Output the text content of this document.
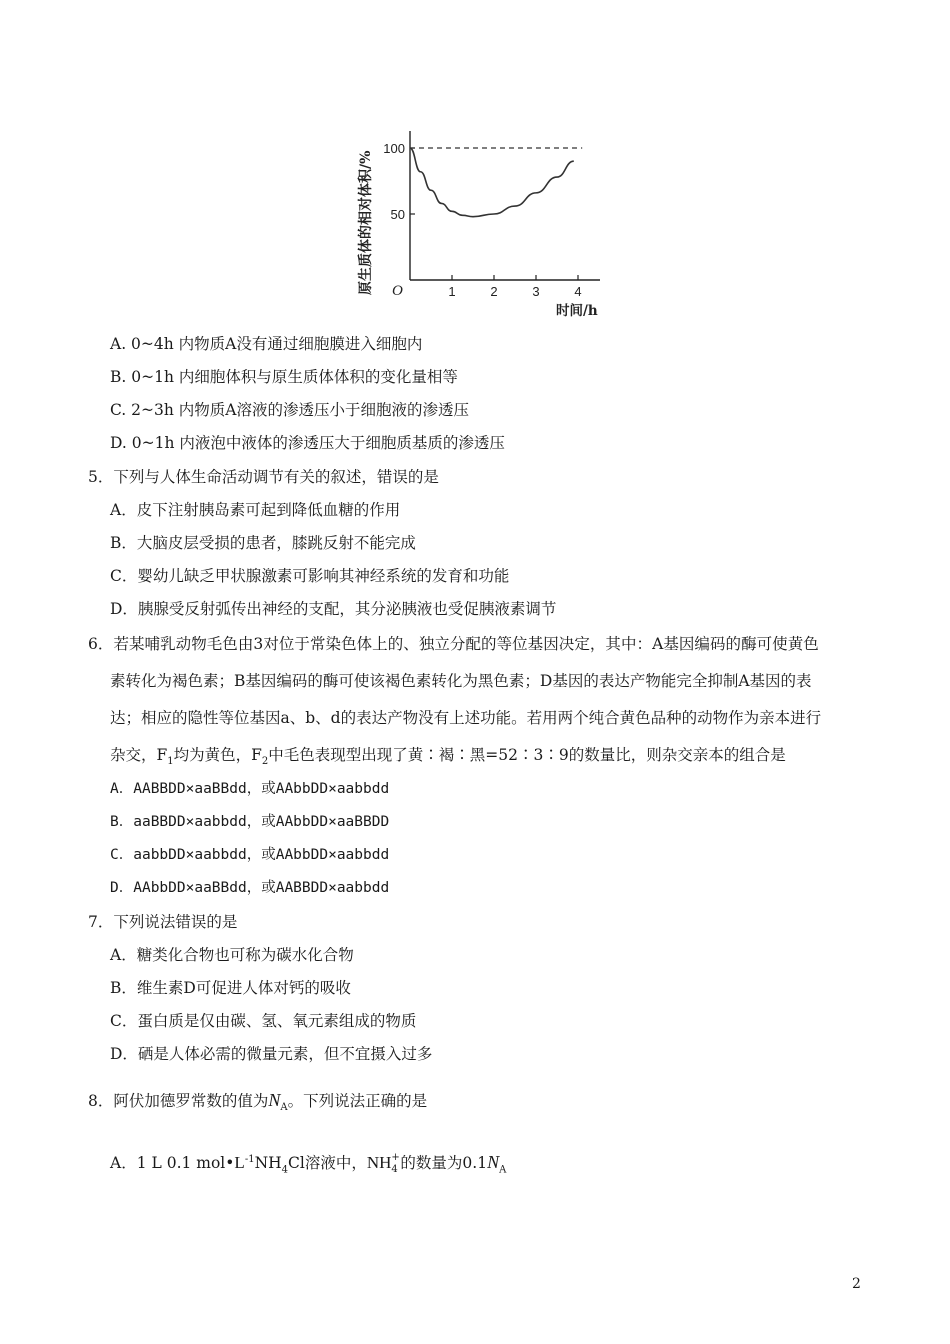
1	2	3	4
100
50
原生质体的相对体积/% O
时间/h
A. 0~4h 内物质A没有通过细胞膜进入细胞内
B. 0~1h 内细胞体积与原生质体体积的变化量相等
C. 2~3h 内物质A溶液的渗透压小于细胞液的渗透压
D. 0~1h 内液泡中液体的渗透压大于细胞质基质的渗透压
5．下列与人体生命活动调节有关的叙述，错误的是
A．皮下注射胰岛素可起到降低血糖的作用
B．大脑皮层受损的患者，膝跳反射不能完成
C．婴幼儿缺乏甲状腺激素可影响其神经系统的发育和功能
D．胰腺受反射弧传出神经的支配，其分泌胰液也受促胰液素调节
6．若某哺乳动物毛色由3对位于常染色体上的、独立分配的等位基因决定，其中：A基因编码的酶可使黄色
素转化为褐色素；B基因编码的酶可使该褐色素转化为黑色素；D基因的表达产物能完全抑制A基因的表
达；相应的隐性等位基因a、b、d的表达产物没有上述功能。若用两个纯合黄色品种的动物作为亲本进行
杂交，$F_1$均为黄色，$F_2$中毛色表现型出现了黄∶褐∶黑=52∶3∶9的数量比，则杂交亲本的组合是
A．AABBDD×aaBBdd，或AAbbDD×aabbdd
B．aaBBDD×aabbdd，或AAbbDD×aaBBDD
C．aabbDD×aabbdd，或AAbbDD×aabbdd
D．AAbbDD×aaBBdd，或AABBDD×aabbdd
7．下列说法错误的是
A．糖类化合物也可称为碳水化合物
B．维生素D可促进人体对钙的吸收
C．蛋白质是仅由碳、氢、氧元素组成的物质
D．硒是人体必需的微量元素，但不宜摄入过多
8．阿伏加德罗常数的值为$N_A$。下列说法正确的是
A．1 L 0.1 $mol•L^{-1}NH_4Cl$溶液中，NH +
4 的数量为$0.1N_A$
2
